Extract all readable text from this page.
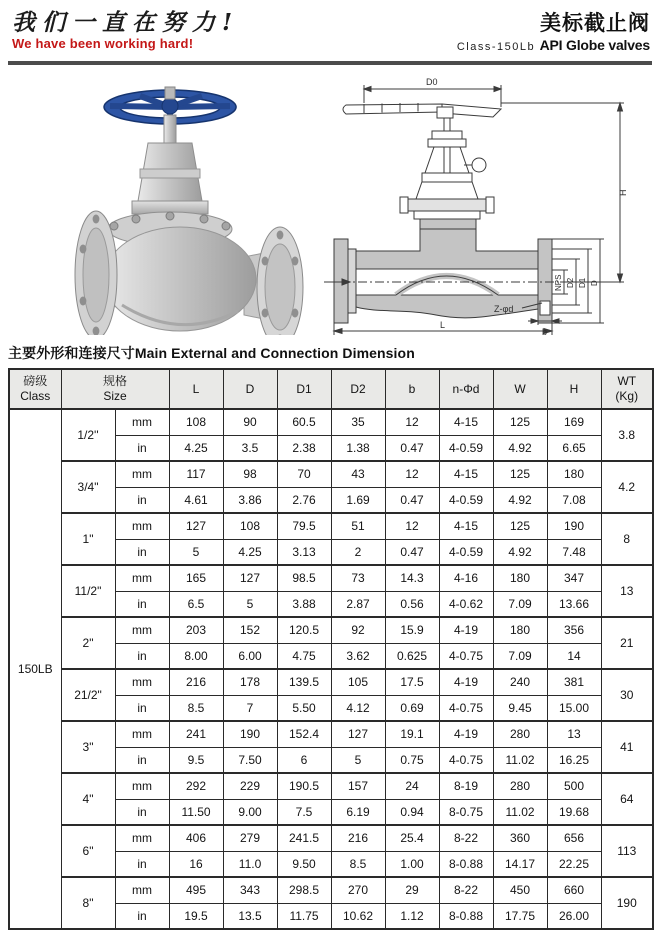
我们一直在努力!
We have been working hard!
美标截止阀
Class-150Lb API Globe valves
D0
H
NPS D2 D1 D
L
b
Z-φd
主要外形和连接尺寸Main External and Connection Dimension
磅级
Class

规格
Size
	L	D	D1	D2	b	n-Φd	W	H	
WT
(Kg)

150LB	1/2''	mm	108	90	60.5	35	12	4-15	125	169	3.8
		in	4.25	3.5	2.38	1.38	0.47	4-0.59	4.92	6.65	
	3/4"	mm	117	98	70	43	12	4-15	125	180	4.2
		in	4.61	3.86	2.76	1.69	0.47	4-0.59	4.92	7.08	
	1"	mm	127	108	79.5	51	12	4-15	125	190	8
		in	5	4.25	3.13	2	0.47	4-0.59	4.92	7.48	
	11/2"	mm	165	127	98.5	73	14.3	4-16	180	347	13
		in	6.5	5	3.88	2.87	0.56	4-0.62	7.09	13.66	
	2"	mm	203	152	120.5	92	15.9	4-19	180	356	21
		in	8.00	6.00	4.75	3.62	0.625	4-0.75	7.09	14	
	21/2"	mm	216	178	139.5	105	17.5	4-19	240	381	30
		in	8.5	7	5.50	4.12	0.69	4-0.75	9.45	15.00	
	3"	mm	241	190	152.4	127	19.1	4-19	280	13	41
		in	9.5	7.50	6	5	0.75	4-0.75	11.02	16.25	
	4"	mm	292	229	190.5	157	24	8-19	280	500	64
		in	11.50	9.00	7.5	6.19	0.94	8-0.75	11.02	19.68	
	6"	mm	406	279	241.5	216	25.4	8-22	360	656	113
		in	16	11.0	9.50	8.5	1.00	8-0.88	14.17	22.25	
	8"	mm	495	343	298.5	270	29	8-22	450	660	190
		in	19.5	13.5	11.75	10.62	1.12	8-0.88	17.75	26.00	
